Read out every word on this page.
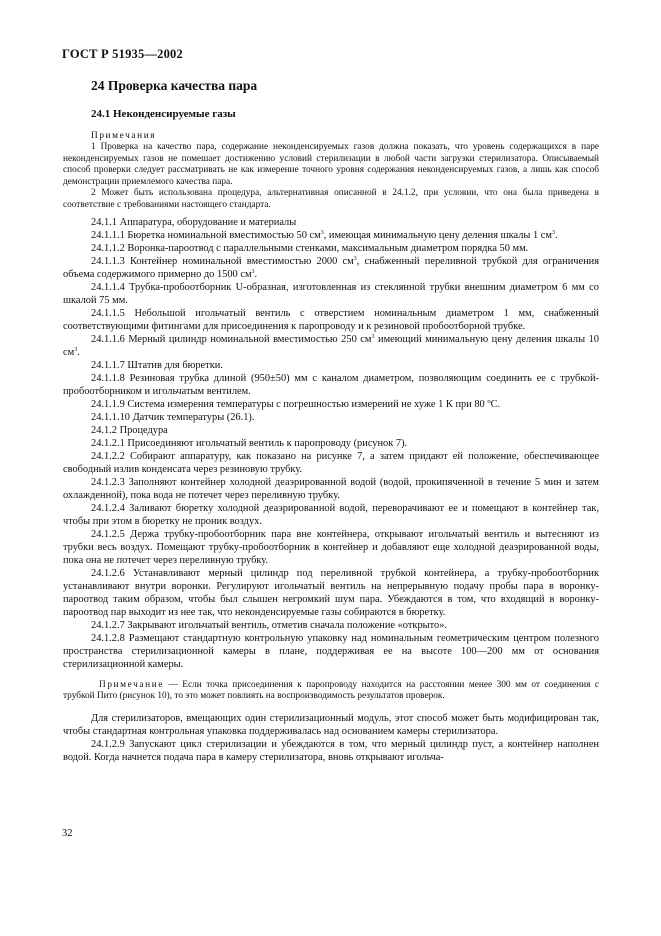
ГОСТ Р 51935—2002
24 Проверка качества пара
24.1 Неконденсируемые газы
Примечания

1 Проверка на качество пара, содержание неконденсируемых газов должна показать, что уровень содержащихся в паре неконденсируемых газов не помешает достижению условий стерилизации в любой части загрузки стерилизатора. Описываемый способ проверки следует рассматривать не как измерение точного уровня содержания неконденсируемых газов, а лишь как способ демонстрации приемлемого качества пара.

2 Может быть использована процедура, альтернативная описанной в 24.1.2, при условии, что она была приведена в соответствие с требованиями настоящего стандарта.

24.1.1 Аппаратура, оборудование и материалы

24.1.1.1 Бюретка номинальной вместимостью 50 $см^3$, имеющая минимальную цену деления шкалы 1 $см^3$.

24.1.1.2 Воронка-пароотвод с параллельными стенками, максимальным диаметром порядка 50 мм.

24.1.1.3 Контейнер номинальной вместимостью 2000 $см^3$, снабженный переливной трубкой для ограничения объема содержимого примерно до 1500 $см^3$.

24.1.1.4 Трубка-пробоотборник U-образная, изготовленная из стеклянной трубки внешним диаметром 6 мм со шкалой 75 мм.

24.1.1.5 Небольшой игольчатый вентиль с отверстием номинальным диаметром 1 мм, снабженный соответствующими фитингами для присоединения к паропроводу и к резиновой пробоотборной трубке.

24.1.1.6 Мерный цилиндр номинальной вместимостью 250 $см^3$ имеющий минимальную цену деления шкалы 10 $см^3$.

24.1.1.7 Штатив для бюретки.

24.1.1.8 Резиновая трубка длиной (950±50) мм с каналом диаметром, позволяющим соединить ее с трубкой-пробоотборником и игольчатым вентилем.

24.1.1.9 Система измерения температуры с погрешностью измерений не хуже 1 К при 80 ºС.

24.1.1.10 Датчик температуры (26.1).

24.1.2 Процедура

24.1.2.1 Присоединяют игольчатый вентиль к паропроводу (рисунок 7).

24.1.2.2 Собирают аппаратуру, как показано на рисунке 7, а затем придают ей положение, обеспечивающее свободный излив конденсата через резиновую трубку.

24.1.2.3 Заполняют контейнер холодной деаэрированной водой (водой, прокипяченной в течение 5 мин и затем охлажденной), пока вода не потечет через переливную трубку.

24.1.2.4 Заливают бюретку холодной деаэрированной водой, переворачивают ее и помещают в контейнер так, чтобы при этом в бюретку не проник воздух.

24.1.2.5 Держа трубку-пробоотборник пара вне контейнера, открывают игольчатый вентиль и вытесняют из трубки весь воздух. Помещают трубку-пробоотборник в контейнер и добавляют еще холодной деаэрированной воды, пока она не потечет через переливную трубку.

24.1.2.6 Устанавливают мерный цилиндр под переливной трубкой контейнера, а трубку-пробоотборник устанавливают внутри воронки. Регулируют игольчатый вентиль на непрерывную подачу пробы пара в воронку-пароотвод таким образом, чтобы был слышен негромкий шум пара. Убеждаются в том, что входящий в воронку-пароотвод пар выходит из нее так, что неконденсируемые газы собираются в бюретку.

24.1.2.7 Закрывают игольчатый вентиль, отметив сначала положение «открыто».

24.1.2.8 Размещают стандартную контрольную упаковку над номинальным геометрическим центром полезного пространства стерилизационной камеры в плане, поддерживая ее на высоте 100—200 мм от основания стерилизационной камеры.

Примечание — Если точка присоединения к паропроводу находится на расстоянии менее 300 мм от соединения с трубкой Пито (рисунок 10), то это может повлиять на воспроизводимость результатов проверок.

Для стерилизаторов, вмещающих один стерилизационный модуль, этот способ может быть модифицирован так, чтобы стандартная контрольная упаковка поддерживалась над основанием камеры стерилизатора.

24.1.2.9 Запускают цикл стерилизации и убеждаются в том, что мерный цилиндр пуст, а контейнер наполнен водой. Когда начнется подача пара в камеру стерилизатора, вновь открывают игольча-

32
